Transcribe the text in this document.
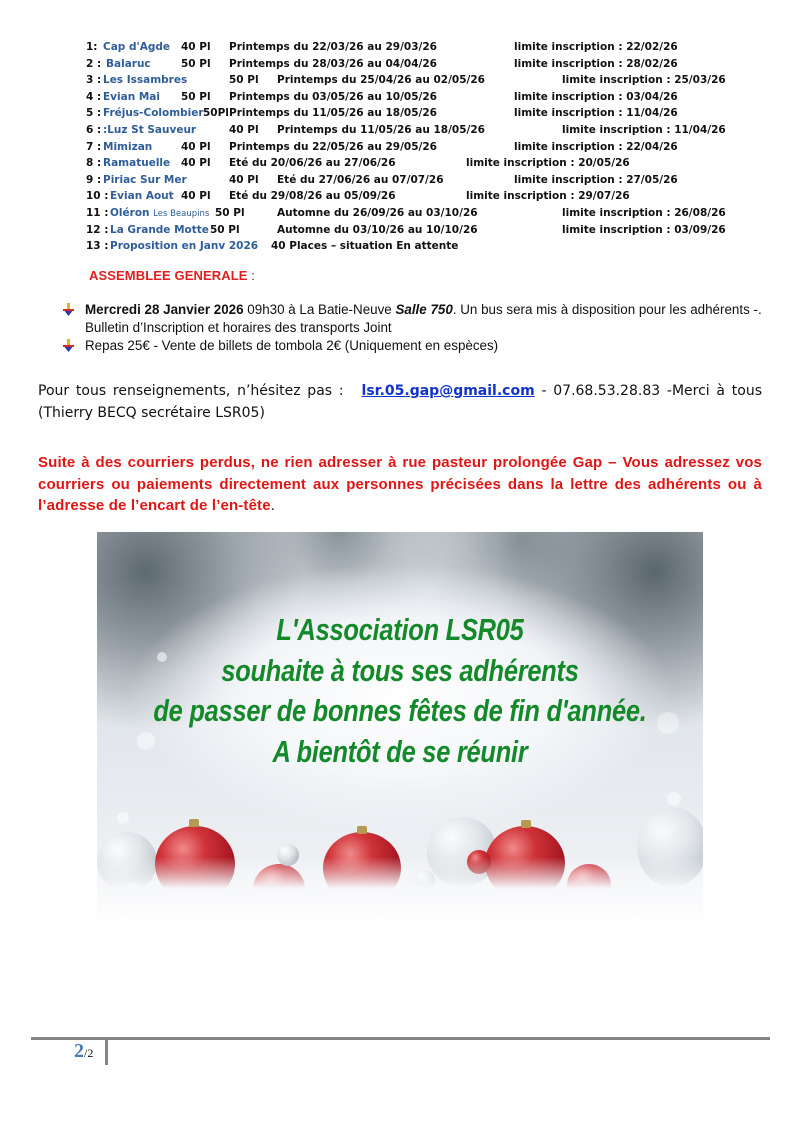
1: Cap d'Agde 40 Pl Printemps du 22/03/26 au 29/03/26	limite inscription : 22/02/26
2 : Balaruc	50 Pl Printemps du 28/03/26 au 04/04/26	limite inscription : 28/02/26
3 : Les Issambres	50 Pl Printemps du 25/04/26 au 02/05/26	limite inscription : 25/03/26
4 : Evian Mai 50 Pl Printemps du 03/05/26 au 10/05/26	limite inscription : 03/04/26
5 : Fréjus-Colombier 50Pl Printemps du 11/05/26 au 18/05/26	limite inscription : 11/04/26
6 : :Luz St Sauveur	40 Pl Printemps du 11/05/26 au 18/05/26	limite inscription : 11/04/26
7 : Mimizan	40 Pl Printemps du 22/05/26 au 29/05/26	limite inscription : 22/04/26
8 : Ramatuelle 40 Pl Eté du 20/06/26 au 27/06/26	limite inscription : 20/05/26
9 : Piriac Sur Mer	40 Pl Eté du 27/06/26 au 07/07/26	limite inscription : 27/05/26
10 : Evian Aout 40 Pl Eté du 29/08/26 au 05/09/26	limite inscription : 29/07/26
11 : Oléron Les Beaupins 50 Pl	Automne du 26/09/26 au 03/10/26	limite inscription : 26/08/26
12 : La Grande Motte 50 Pl	Automne du 03/10/26 au 10/10/26	limite inscription : 03/09/26
13 : Proposition en Janv 2026 40 Places – situation En attente
ASSEMBLEE GENERALE :
Mercredi 28 Janvier 2026 09h30 à La Batie-Neuve Salle 750. Un bus sera mis à disposition pour les adhérents -. Bulletin d’Inscription et horaires des transports Joint
Repas 25€ - Vente de billets de tombola 2€ (Uniquement en espèces)
Pour tous renseignements, n’hésitez pas : lsr.05.gap@gmail.com - 07.68.53.28.83 -Merci à tous (Thierry BECQ secrétaire LSR05)
Suite à des courriers perdus, ne rien adresser à rue pasteur prolongée Gap – Vous adressez vos courriers ou paiements directement aux personnes précisées dans la lettre des adhérents ou à l’adresse de l’encart de l’en-tête.
L'Association LSR05
souhaite à tous ses adhérents
de passer de bonnes fêtes de fin d'année.
A bientôt de se réunir
2/2
